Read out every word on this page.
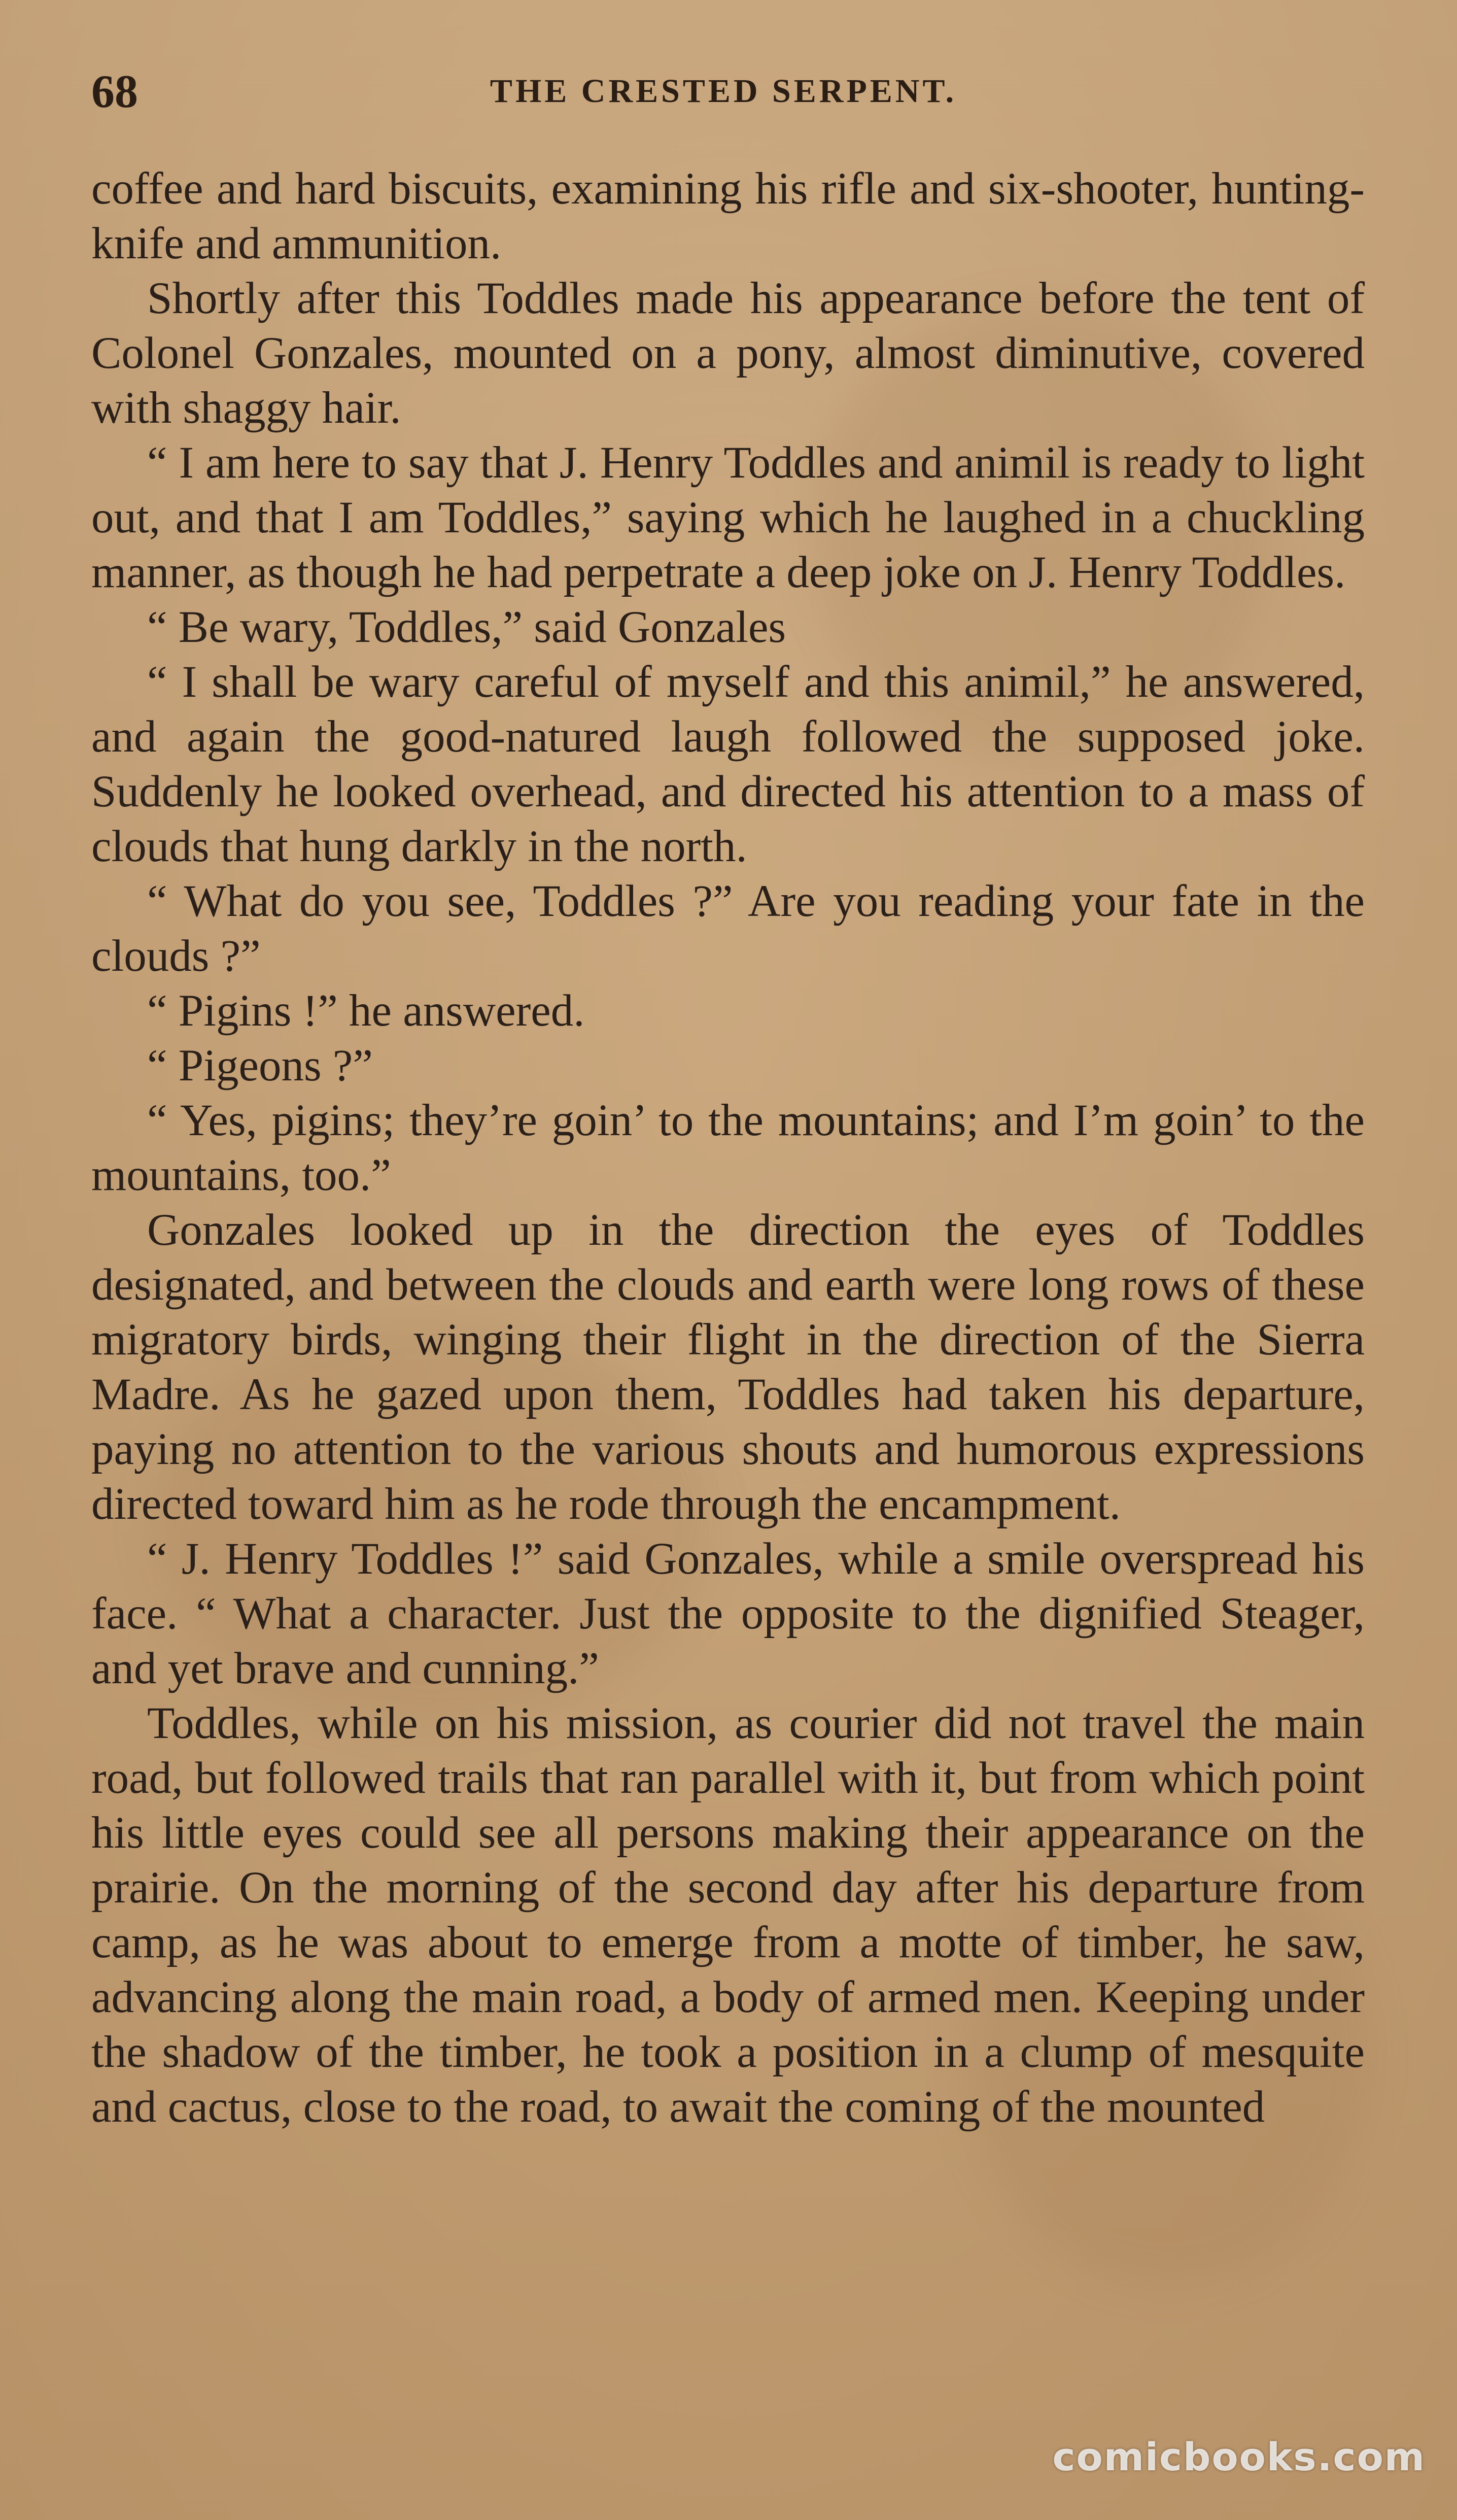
68	THE CRESTED SERPENT.

coffee and hard biscuits, examining his rifle and six-shooter, hunting-knife and ammunition.

Shortly after this Toddles made his appearance before the tent of Colonel Gonzales, mounted on a pony, almost diminutive, covered with shaggy hair.

“ I am here to say that J. Henry Toddles and animil is ready to light out, and that I am Toddles,” saying which he laughed in a chuckling manner, as though he had perpetrate a deep joke on J. Henry Toddles.

“ Be wary, Toddles,” said Gonzales

“ I shall be wary careful of myself and this animil,” he answered, and again the good-natured laugh followed the supposed joke. Suddenly he looked overhead, and directed his attention to a mass of clouds that hung darkly in the north.

“ What do you see, Toddles ?” Are you reading your fate in the clouds ?”

“ Pigins !” he answered.

“ Pigeons ?”

“ Yes, pigins; they’re goin’ to the mountains; and I’m goin’ to the mountains, too.”

Gonzales looked up in the direction the eyes of Toddles designated, and between the clouds and earth were long rows of these migratory birds, winging their flight in the direction of the Sierra Madre. As he gazed upon them, Toddles had taken his departure, paying no attention to the various shouts and humorous expressions directed toward him as he rode through the encampment.

“ J. Henry Toddles !” said Gonzales, while a smile overspread his face. “ What a character. Just the opposite to the dignified Steager, and yet brave and cunning.”

Toddles, while on his mission, as courier did not travel the main road, but followed trails that ran parallel with it, but from which point his little eyes could see all persons making their appearance on the prairie. On the morning of the second day after his departure from camp, as he was about to emerge from a motte of timber, he saw, advancing along the main road, a body of armed men. Keeping under the shadow of the timber, he took a position in a clump of mesquite and cactus, close to the road, to await the coming of the mounted

comicbooks.com
